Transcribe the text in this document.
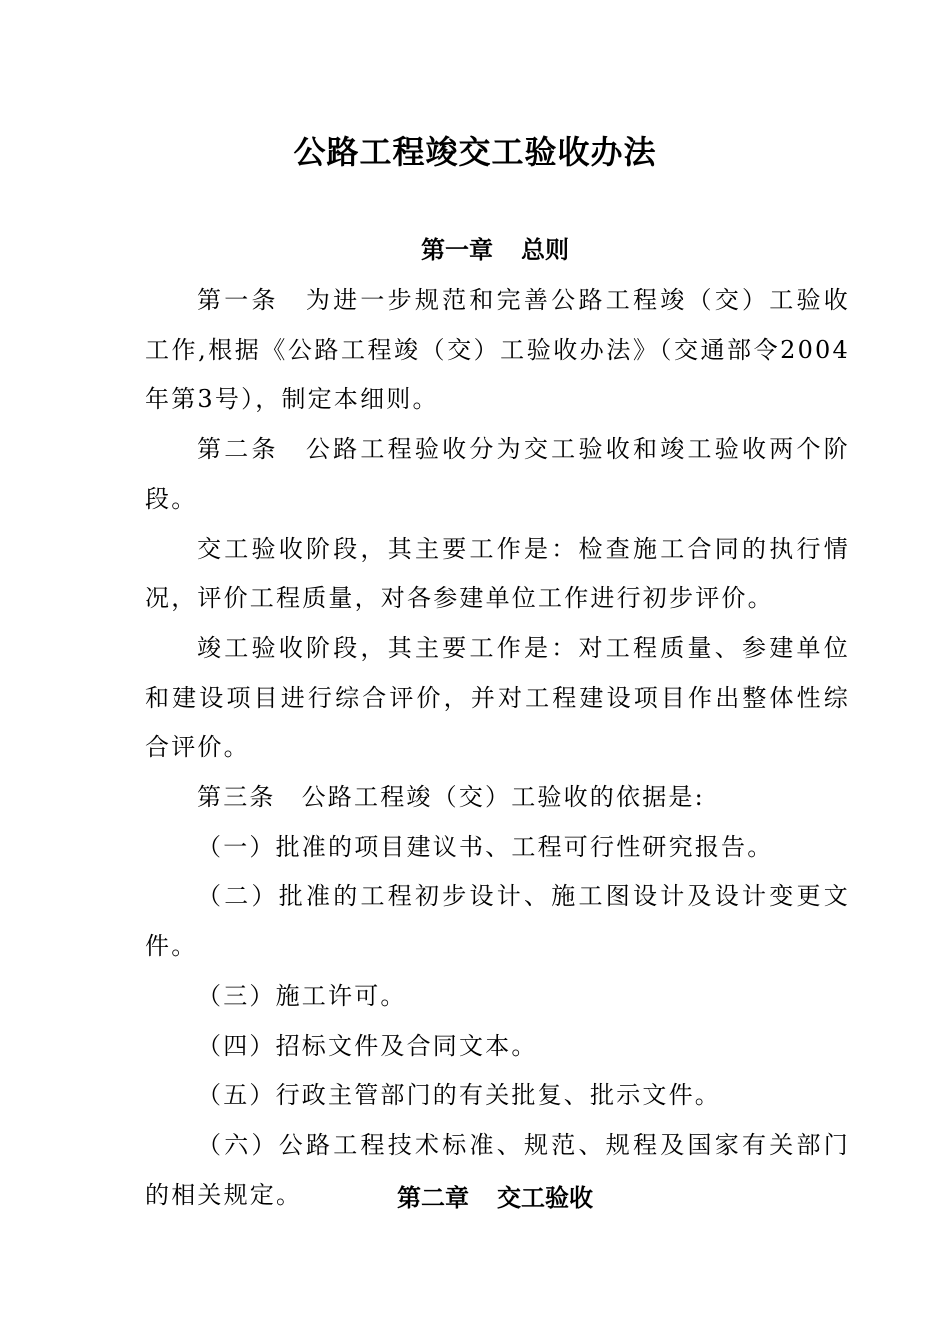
公路工程竣交工验收办法
第一章 总则

第一条 为进一步规范和完善公路工程竣（交）工验收工作,根据《公路工程竣（交）工验收办法》（交通部令2004年第3号），制定本细则。

第二条 公路工程验收分为交工验收和竣工验收两个阶段。

交工验收阶段，其主要工作是：检查施工合同的执行情况，评价工程质量，对各参建单位工作进行初步评价。

竣工验收阶段，其主要工作是：对工程质量、参建单位和建设项目进行综合评价，并对工程建设项目作出整体性综合评价。

第三条 公路工程竣（交）工验收的依据是:

（一）批准的项目建议书、工程可行性研究报告。

（二）批准的工程初步设计、施工图设计及设计变更文件。

（三）施工许可。

（四）招标文件及合同文本。

（五）行政主管部门的有关批复、批示文件。

（六）公路工程技术标准、规范、规程及国家有关部门的相关规定。	第二章 交工验收
